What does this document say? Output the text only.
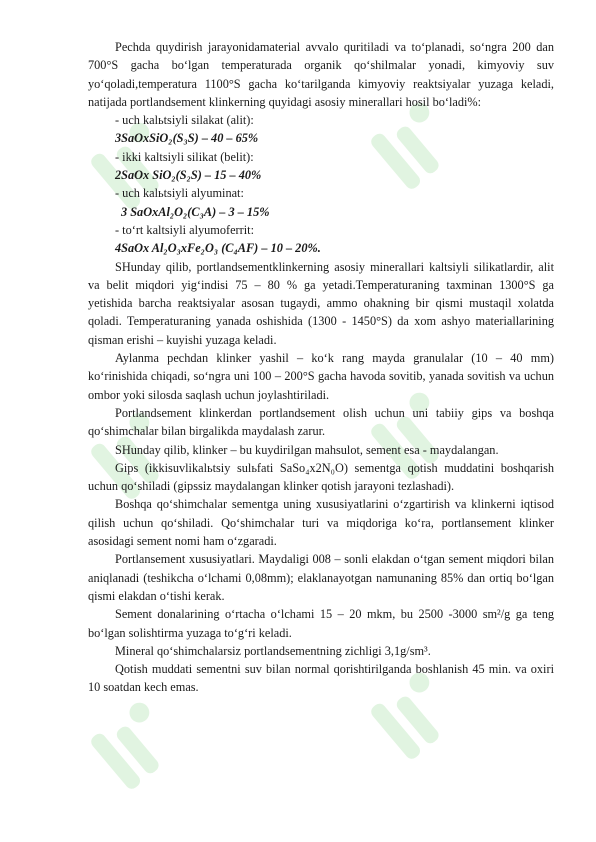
Pechda quydirish jarayonidamaterial avvalo quritiladi va to‘planadi, so‘ngra 200 dan 700°S gacha bo‘lgan temperaturada organik qo‘shilmalar yonadi, kimyoviy suv yo‘qoladi,temperatura 1100°S gacha ko‘tarilganda kimyoviy reaktsiyalar yuzaga keladi, natijada portlandsement klinkerning quyidagi asosiy minerallari hosil bo‘ladi%:

- uch kalьtsiyli silakat (alit):

3SaOxSiO₂(S₃S) – 40 – 65%

- ikki kaltsiyli silikat (belit):

2SaOx SiO₂(S₂S) – 15 – 40%

- uch kalьtsiyli alyuminat:

3 SaOxAl₂O₂(C₃A) – 3 – 15%

- to‘rt kaltsiyli alyumoferrit:

4SaOx Al₂O₃xFe₂O₃ (C₄AF) – 10 – 20%.

SHunday qilib, portlandsementklinkerning asosiy minerallari kaltsiyli silikatlardir, alit va belit miqdori yig‘indisi 75 – 80 % ga yetadi.Temperaturaning taxminan 1300°S ga yetishida barcha reaktsiyalar asosan tugaydi, ammo ohakning bir qismi mustaqil xolatda qoladi. Temperaturaning yanada oshishida (1300 - 1450°S) da xom ashyo materiallarining qisman erishi – kuyishi yuzaga keladi.

Aylanma pechdan klinker yashil – ko‘k rang mayda granulalar (10 – 40 mm) ko‘rinishida chiqadi, so‘ngra uni 100 – 200°S gacha havoda sovitib, yanada sovitish va uchun ombor yoki silosda saqlash uchun joylashtiriladi.

Portlandsement klinkerdan portlandsement olish uchun uni tabiiy gips va boshqa qo‘shimchalar bilan birgalikda maydalash zarur.

SHunday qilib, klinker – bu kuydirilgan mahsulot, sement esa - maydalangan.

Gips (ikkisuvlikalьtsiy sulьfati SaSo₄x2N₀O) sementga qotish muddatini boshqarish uchun qo‘shiladi (gipssiz maydalangan klinker qotish jarayoni tezlashadi).

Boshqa qo‘shimchalar sementga uning xususiyatlarini o‘zgartirish va klinkerni iqtisod qilish uchun qo‘shiladi. Qo‘shimchalar turi va miqdoriga ko‘ra, portlansement klinker asosidagi sement nomi ham o‘zgaradi.

Portlansement xususiyatlari. Maydaligi 008 – sonli elakdan o‘tgan sement miqdori bilan aniqlanadi (teshikcha o‘lchami 0,08mm); elaklanayotgan namunaning 85% dan ortiq bo‘lgan qismi elakdan o‘tishi kerak.

Sement donalarining o‘rtacha o‘lchami 15 – 20 mkm, bu 2500 -3000 sm²/g ga teng bo‘lgan solishtirma yuzaga to‘g‘ri keladi.

Mineral qo‘shimchalarsiz portlandsementning zichligi 3,1g/sm³.

Qotish muddati sementni suv bilan normal qorishtirilganda boshlanish 45 min. va oxiri 10 soatdan kech emas.
